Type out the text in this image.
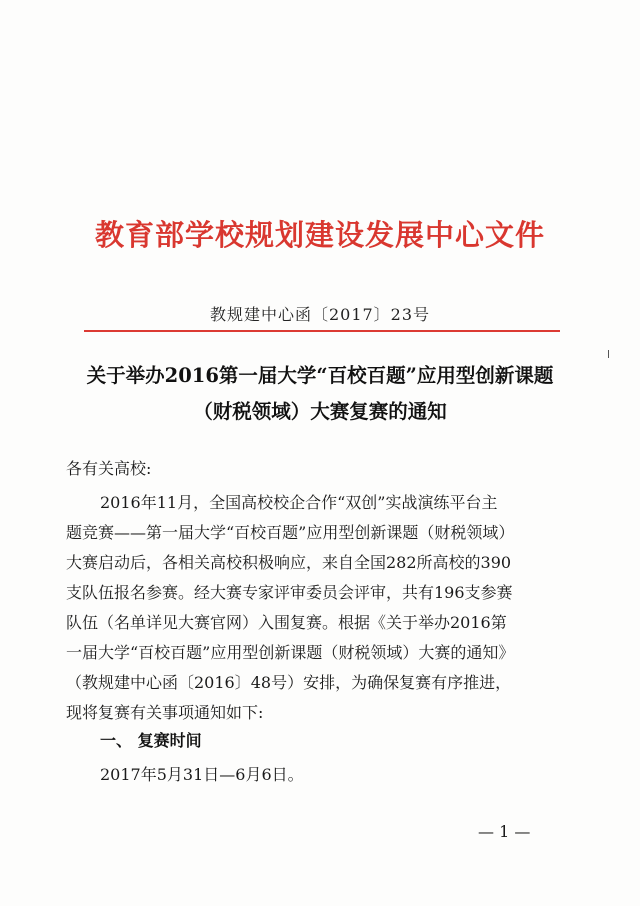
教育部学校规划建设发展中心文件
教规建中心函〔2017〕23号
关于举办2016第一届大学“百校百题”应用型创新课题
（财税领域）大赛复赛的通知
各有关高校:
2016年11月，全国高校校企合作“双创”实战演练平台主
题竞赛——第一届大学“百校百题”应用型创新课题（财税领域）
大赛启动后，各相关高校积极响应，来自全国282所高校的390
支队伍报名参赛。经大赛专家评审委员会评审，共有196支参赛
队伍（名单详见大赛官网）入围复赛。根据《关于举办2016第
一届大学“百校百题”应用型创新课题（财税领域）大赛的通知》
（教规建中心函〔2016〕48号）安排，为确保复赛有序推进，
一、 复赛时间
2017年5月31日—6月6日。
— 1 —
现将复赛有关事项通知如下:
